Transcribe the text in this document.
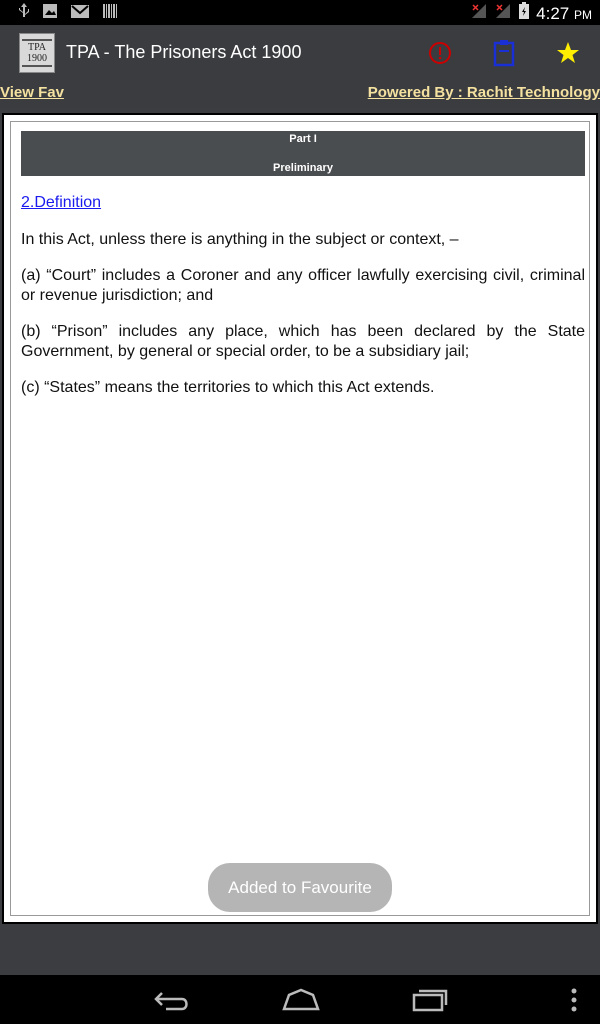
4:27 PM
TPA
1900 TPA - The Prisoners Act 1900
View Fav	Powered By : Rachit Technology
Part I
Preliminary
2.Definition

In this Act, unless there is anything in the subject or context, –

(a) “Court” includes a Coroner and any officer lawfully exercising civil, criminal or revenue jurisdiction; and

(b) “Prison” includes any place, which has been declared by the State Government, by general or special order, to be a subsidiary jail;

(c) “States” means the territories to which this Act extends.

Added to Favourite
